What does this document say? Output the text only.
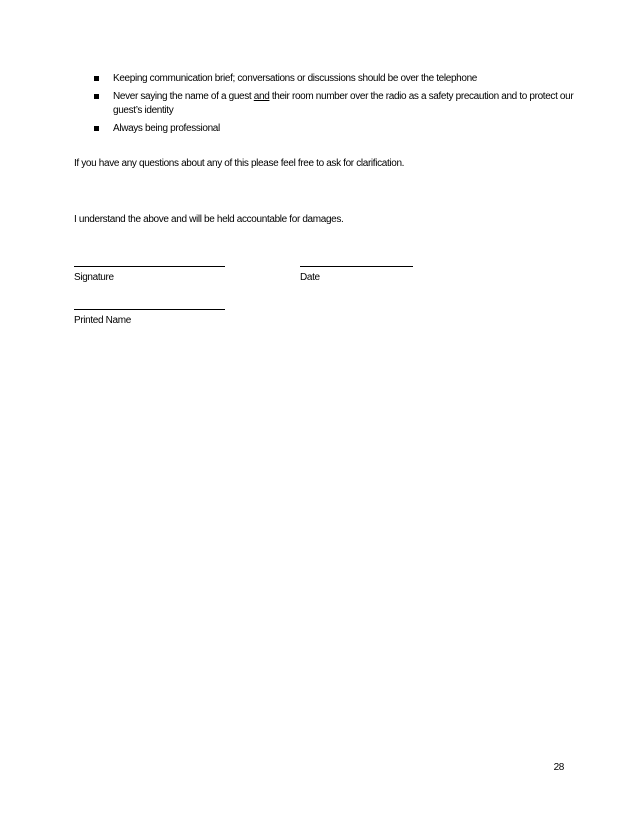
Keeping communication brief; conversations or discussions should be over the telephone
Never saying the name of a guest and their room number over the radio as a safety precaution and to protect our guest’s identity
Always being professional

If you have any questions about any of this please feel free to ask for clarification.

I understand the above and will be held accountable for damages.

Signature	Date

Printed Name

28
